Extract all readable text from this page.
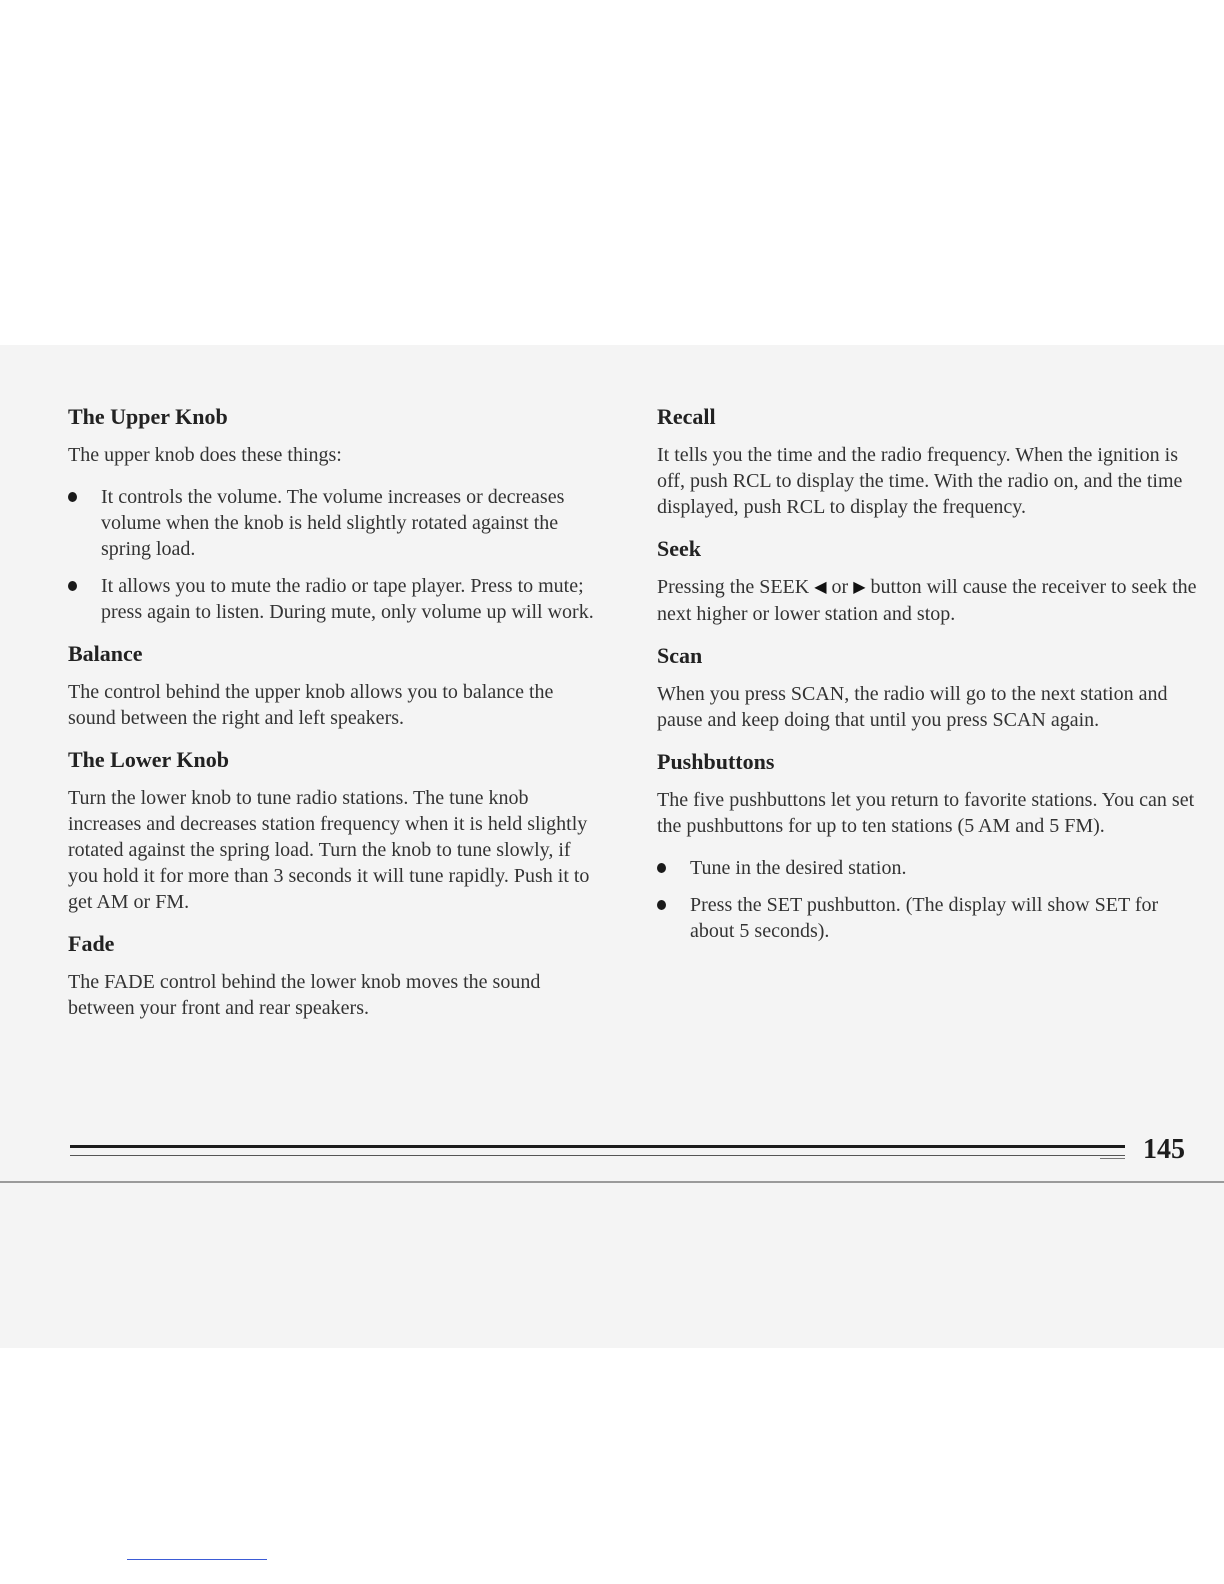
The Upper Knob

The upper knob does these things:

It controls the volume. The volume increases or decreases volume when the knob is held slightly rotated against the spring load.
It allows you to mute the radio or tape player. Press to mute; press again to listen. During mute, only volume up will work.
Balance

The control behind the upper knob allows you to balance the sound between the right and left speakers.

The Lower Knob

Turn the lower knob to tune radio stations. The tune knob increases and decreases station frequency when it is held slightly rotated against the spring load. Turn the knob to tune slowly, if you hold it for more than 3 seconds it will tune rapidly. Push it to get AM or FM.

Fade

The FADE control behind the lower knob moves the sound between your front and rear speakers.

Recall

It tells you the time and the radio frequency. When the ignition is off, push RCL to display the time. With the radio on, and the time displayed, push RCL to display the frequency.

Seek

Pressing the SEEK ◀ or ▶ button will cause the receiver to seek the next higher or lower station and stop.

Scan

When you press SCAN, the radio will go to the next station and pause and keep doing that until you press SCAN again.

Pushbuttons

The five pushbuttons let you return to favorite stations. You can set the pushbuttons for up to ten stations (5 AM and 5 FM).

Tune in the desired station.
Press the SET pushbutton. (The display will show SET for about 5 seconds).
145
